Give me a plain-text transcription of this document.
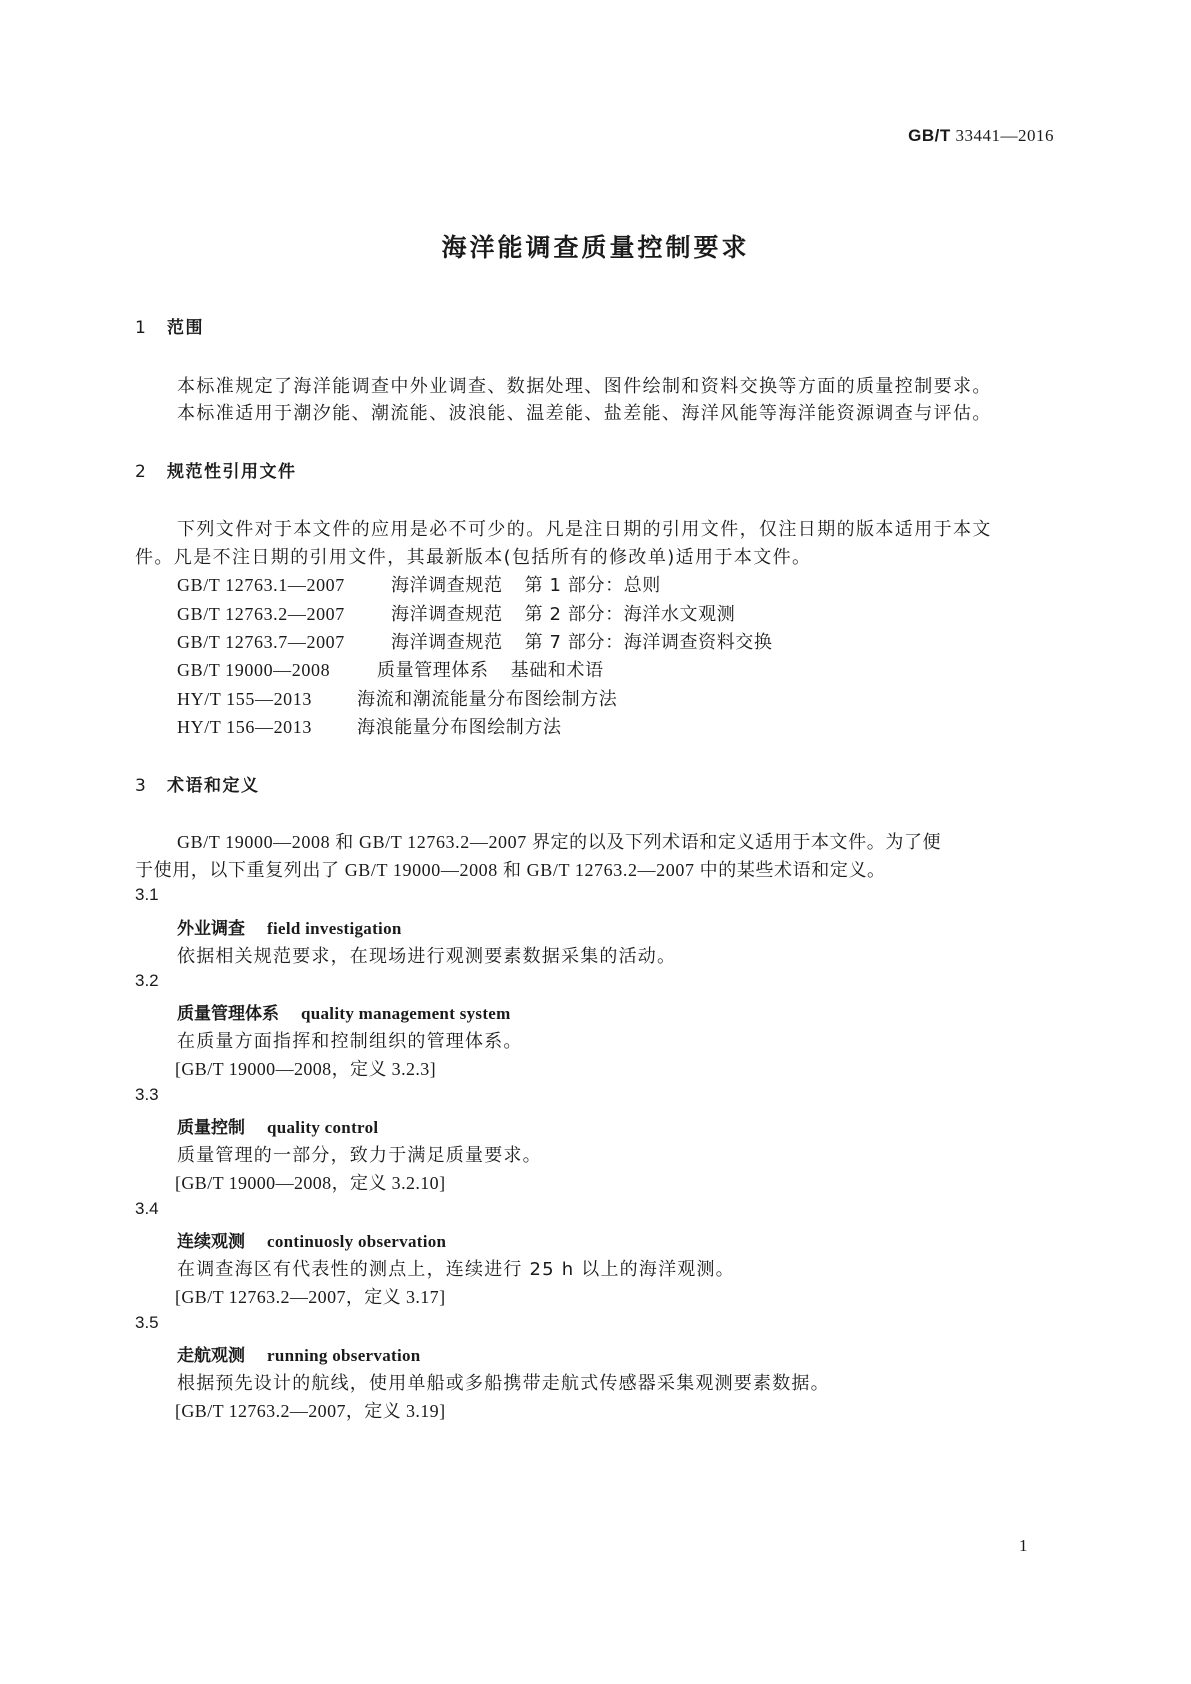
GB/T 33441—2016
海洋能调查质量控制要求
1 范围
本标准规定了海洋能调查中外业调查、数据处理、图件绘制和资料交换等方面的质量控制要求。
本标准适用于潮汐能、潮流能、波浪能、温差能、盐差能、海洋风能等海洋能资源调查与评估。
2 规范性引用文件
下列文件对于本文件的应用是必不可少的。凡是注日期的引用文件，仅注日期的版本适用于本文
件。凡是不注日期的引用文件，其最新版本(包括所有的修改单)适用于本文件。
GB/T 12763.1—2007	海洋调查规范 第 1 部分：总则
GB/T 12763.2—2007	海洋调查规范 第 2 部分：海洋水文观测
GB/T 12763.7—2007	海洋调查规范 第 7 部分：海洋调查资料交换
GB/T 19000—2008	质量管理体系 基础和术语
HY/T 155—2013	海流和潮流能量分布图绘制方法
HY/T 156—2013	海浪能量分布图绘制方法
3 术语和定义
GB/T 19000—2008 和 GB/T 12763.2—2007 界定的以及下列术语和定义适用于本文件。为了便
于使用，以下重复列出了 GB/T 19000—2008 和 GB/T 12763.2—2007 中的某些术语和定义。
3.1
外业调查 field investigation
依据相关规范要求，在现场进行观测要素数据采集的活动。
3.2
质量管理体系 quality management system
在质量方面指挥和控制组织的管理体系。
[GB/T 19000—2008，定义 3.2.3]
3.3
质量控制 quality control
质量管理的一部分，致力于满足质量要求。
[GB/T 19000—2008，定义 3.2.10]
3.4
连续观测 continuosly observation
在调查海区有代表性的测点上，连续进行 25 h 以上的海洋观测。
[GB/T 12763.2—2007，定义 3.17]
3.5
走航观测 running observation
根据预先设计的航线，使用单船或多船携带走航式传感器采集观测要素数据。
[GB/T 12763.2—2007，定义 3.19]
1
